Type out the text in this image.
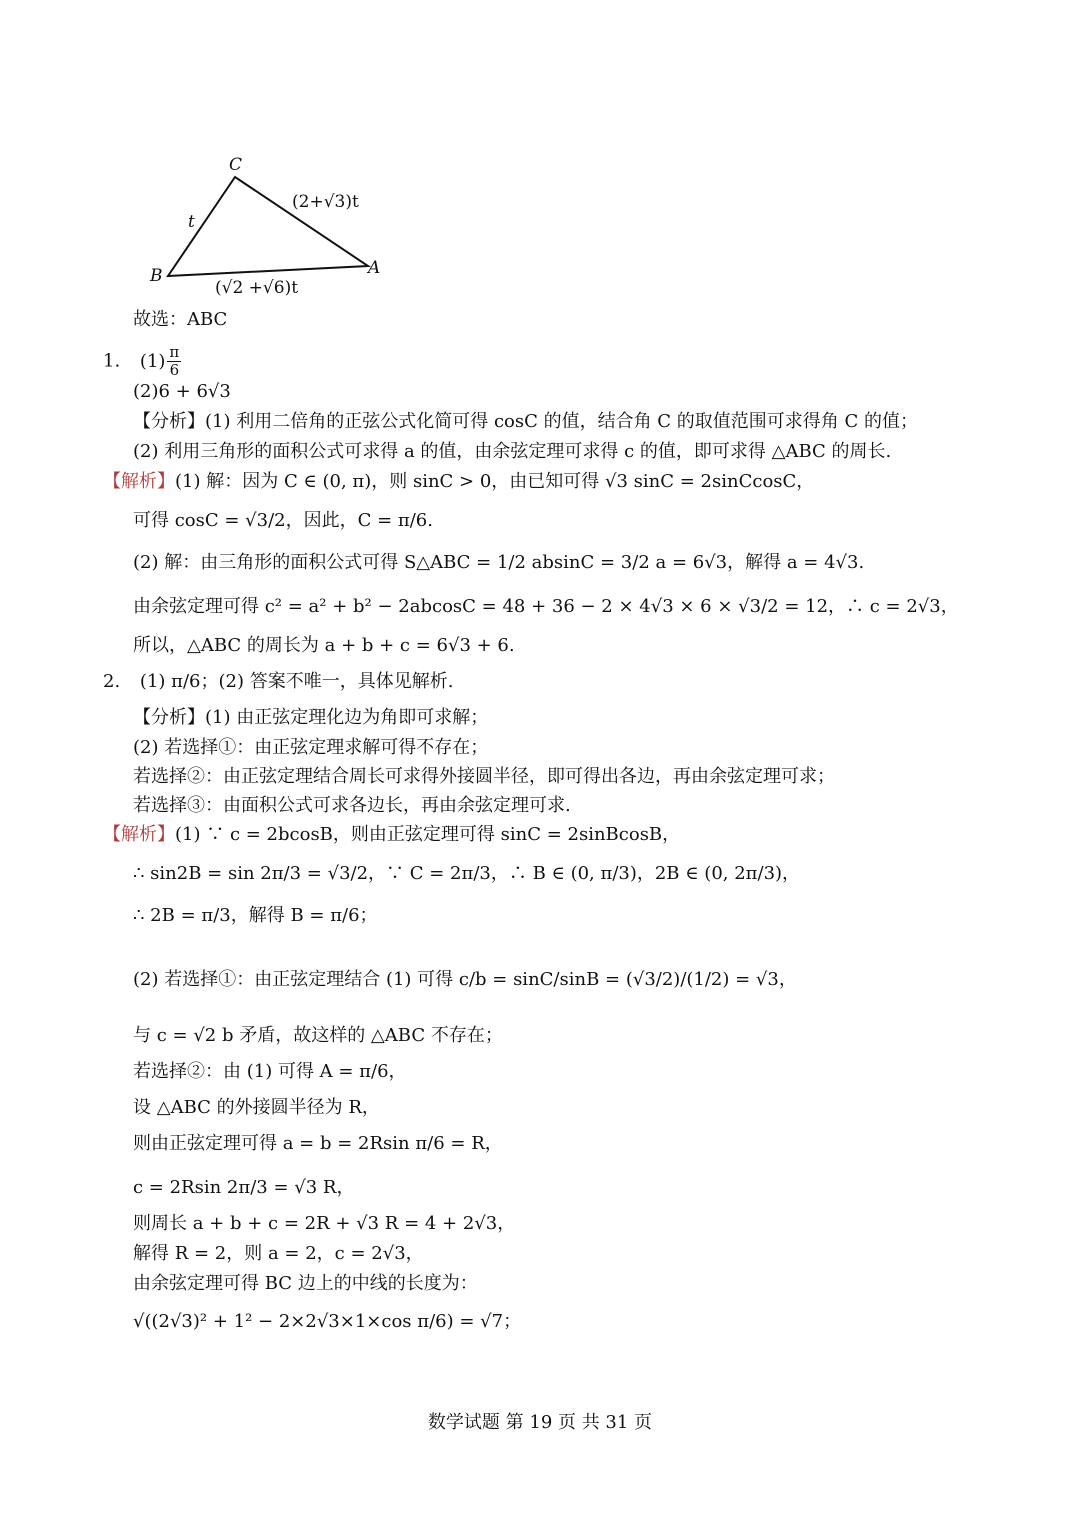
C
B	A
t
(2+√3)t
(√2 +√6)t
故选：ABC
1. $(1) \frac{\pi}{6}$
(2)6 + 6√3
【分析】(1) 利用二倍角的正弦公式化简可得 cosC 的值，结合角 C 的取值范围可求得角 C 的值；
(2) 利用三角形的面积公式可求得 a 的值，由余弦定理可求得 c 的值，即可求得 △ABC 的周长.
【解析】(1) 解：因为 C ∈ (0, π)，则 sinC > 0，由已知可得 √3 sinC = 2sinCcosC，
可得 cosC = √3/2，因此，C = π/6.
(2) 解：由三角形的面积公式可得 S△ABC = 1/2 absinC = 3/2 a = 6√3，解得 a = 4√3.
由余弦定理可得 c² = a² + b² − 2abcosC = 48 + 36 − 2 × 4√3 × 6 × √3/2 = 12，∴ c = 2√3，
所以，△ABC 的周长为 a + b + c = 6√3 + 6.
2. (1) π/6；(2) 答案不唯一，具体见解析.
【分析】(1) 由正弦定理化边为角即可求解；
(2) 若选择①：由正弦定理求解可得不存在；
若选择②：由正弦定理结合周长可求得外接圆半径，即可得出各边，再由余弦定理可求；
若选择③：由面积公式可求各边长，再由余弦定理可求.
【解析】(1) ∵ c = 2bcosB，则由正弦定理可得 sinC = 2sinBcosB，
∴ sin2B = sin 2π/3 = √3/2，∵ C = 2π/3，∴ B ∈ (0, π/3)，2B ∈ (0, 2π/3)，
∴ 2B = π/3，解得 B = π/6；
(2) 若选择①：由正弦定理结合 (1) 可得 c/b = sinC/sinB = (√3/2)/(1/2) = √3，
与 c = √2 b 矛盾，故这样的 △ABC 不存在；
若选择②：由 (1) 可得 A = π/6，
设 △ABC 的外接圆半径为 R，
则由正弦定理可得 a = b = 2Rsin π/6 = R，
c = 2Rsin 2π/3 = √3 R，
则周长 a + b + c = 2R + √3 R = 4 + 2√3，
解得 R = 2，则 a = 2，c = 2√3，
由余弦定理可得 BC 边上的中线的长度为：
√((2√3)² + 1² − 2×2√3×1×cos π/6) = √7；
数学试题 第 19 页 共 31 页
